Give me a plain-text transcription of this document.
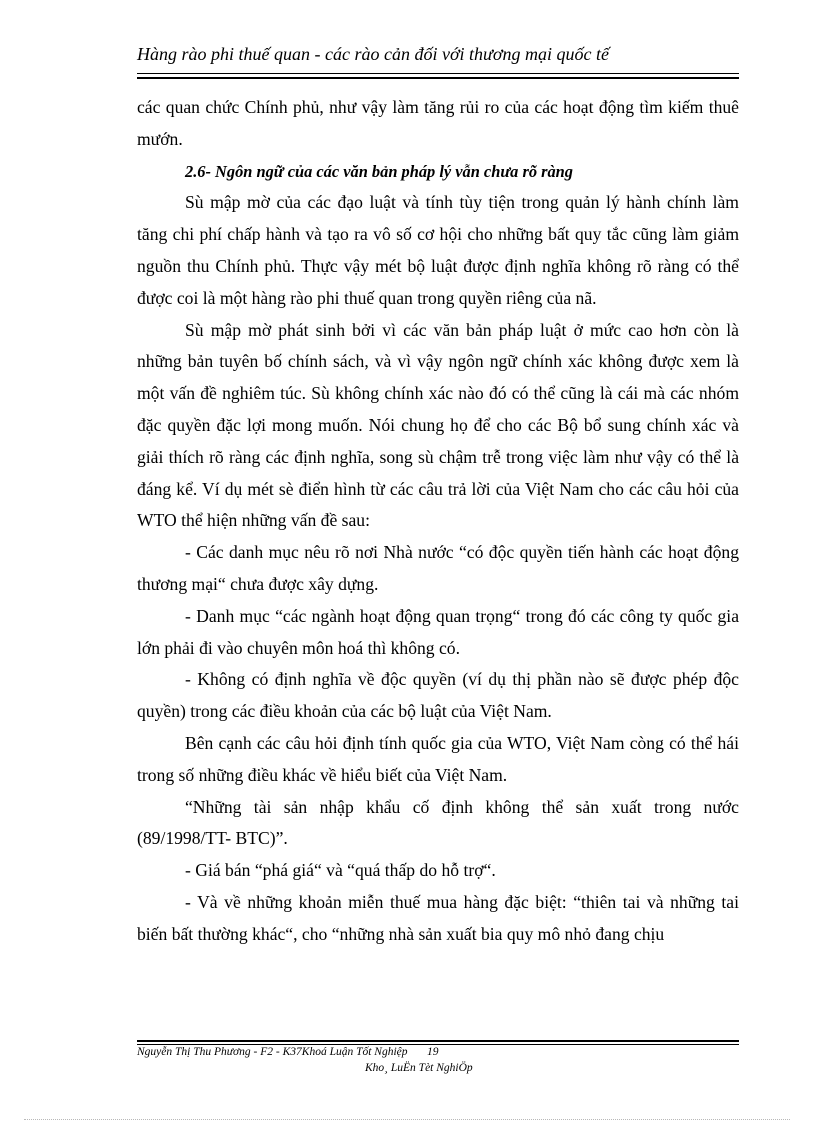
Hàng rào phi thuế quan - các rào cản đối với thương mại quốc tế

các quan chức Chính phủ, như vậy làm tăng rủi ro của các hoạt động tìm kiếm thuê mướn.

2.6- Ngôn ngữ của các văn bản pháp lý vẫn chưa rõ ràng

Sù mập mờ của các đạo luật và tính tùy tiện trong quản lý hành chính làm tăng chi phí chấp hành và tạo ra vô số cơ hội cho những bất quy tắc cũng làm giảm nguồn thu Chính phủ. Thực vậy mét bộ luật được định nghĩa không rõ ràng có thể được coi là một hàng rào phi thuế quan trong quyền riêng của nã.

Sù mập mờ phát sinh bởi vì các văn bản pháp luật ở mức cao hơn còn là những bản tuyên bố chính sách, và vì vậy ngôn ngữ chính xác không được xem là một vấn đề nghiêm túc. Sù không chính xác nào đó có thể cũng là cái mà các nhóm đặc quyền đặc lợi mong muốn. Nói chung họ để cho các Bộ bổ sung chính xác và giải thích rõ ràng các định nghĩa, song sù chậm trễ trong việc làm như vậy có thể là đáng kể. Ví dụ mét sè điển hình từ các câu trả lời của Việt Nam cho các câu hỏi của WTO thể hiện những vấn đề sau:

- Các danh mục nêu rõ nơi Nhà nước “có độc quyền tiến hành các hoạt động thương mại“ chưa được xây dựng.

- Danh mục “các ngành hoạt động quan trọng“ trong đó các công ty quốc gia lớn phải đi vào chuyên môn hoá thì không có.

- Không có định nghĩa về độc quyền (ví dụ thị phần nào sẽ được phép độc quyền) trong các điều khoản của các bộ luật của Việt Nam.

Bên cạnh các câu hỏi định tính quốc gia của WTO, Việt Nam còng có thể hái trong số những điều khác về hiểu biết của Việt Nam.

“Những tài sản nhập khẩu cố định không thể sản xuất trong nước (89/1998/TT- BTC)”.

- Giá bán “phá giá“ và “quá thấp do hỗ trợ“.

- Và về những khoản miễn thuế mua hàng đặc biệt: “thiên tai và những tai biến bất thường khác“, cho “những nhà sản xuất bia quy mô nhỏ đang chịu

Nguyễn Thị Thu Phương - F2 - K37Khoá Luận Tốt Nghiệp 19
Kho¸ LuËn Tèt NghiÖp
